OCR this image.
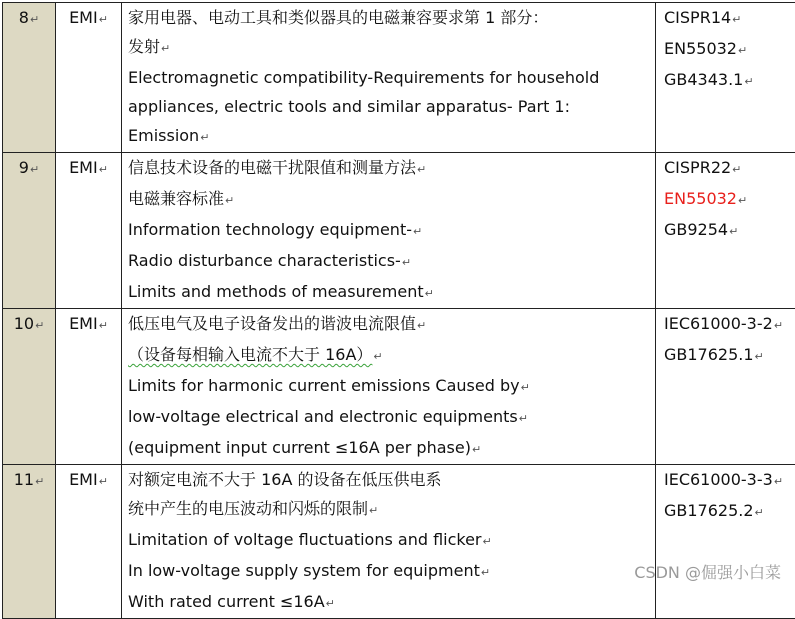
8↵	EMI↵	家用电器、电动工具和类似器具的电磁兼容要求第 1 部分：
发射↵
Electromagnetic compatibility-Requirements for household
appliances, electric tools and similar apparatus- Part 1:
Emission↵	CISPR14↵
EN55032↵
GB4343.1↵

9↵	EMI↵	信息技术设备的电磁干扰限值和测量方法↵
电磁兼容标准↵
Information technology equipment-↵
Radio disturbance characteristics-↵
Limits and methods of measurement↵	CISPR22↵
EN55032↵
GB9254↵

10↵	EMI↵	低压电气及电子设备发出的谐波电流限值↵
（设备每相输入电流不大于 16A）↵
Limits for harmonic current emissions Caused by↵
low-voltage electrical and electronic equipments↵
(equipment input current ≤16A per phase)↵	IEC61000-3-2↵
GB17625.1↵

11↵	EMI↵	对额定电流不大于 16A 的设备在低压供电系
统中产生的电压波动和闪烁的限制↵
Limitation of voltage fluctuations and flicker↵
In low-voltage supply system for equipment↵
With rated current ≤16A↵	IEC61000-3-3↵
GB17625.2↵
CSDN @倔强小白菜
